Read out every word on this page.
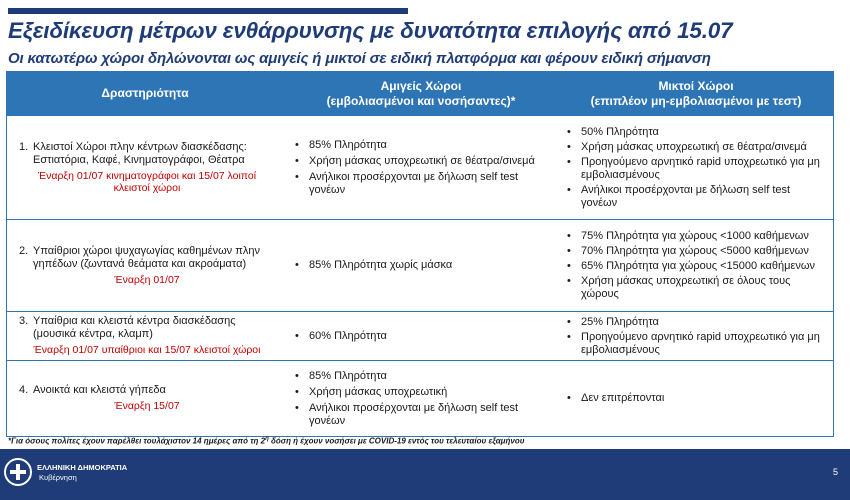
Εξειδίκευση μέτρων ενθάρρυνσης με δυνατότητα επιλογής από 15.07
Οι κατωτέρω χώροι δηλώνονται ως αμιγείς ή μικτοί σε ειδική πλατφόρμα και φέρουν ειδική σήμανση
Δραστηριότητα
Αμιγείς Χώροι
(εμβολιασμένοι και νοσήσαντες)*
Μικτοί Χώροι
(επιπλέον μη-εμβολιασμένοι με τεστ)
1. Κλειστοί Χώροι πλην κέντρων διασκέδασης: Εστιατόρια, Καφέ, Κινηματογράφοι, Θέατρα
Έναρξη 01/07 κινηματογράφοι και 15/07 λοιποί κλειστοί χώροι
• 85% Πληρότητα
• Χρήση μάσκας υποχρεωτική σε θέατρα/σινεμά
• Ανήλικοι προσέρχονται με δήλωση self test γονέων
• 50% Πληρότητα
• Χρήση μάσκας υποχρεωτική σε θέατρα/σινεμά
• Προηγούμενο αρνητικό rapid υποχρεωτικό για μη εμβολιασμένους
• Ανήλικοι προσέρχονται με δήλωση self test γονέων
2. Υπαίθριοι χώροι ψυχαγωγίας καθημένων πλην γηπέδων (ζωντανά θεάματα και ακροάματα)
Έναρξη 01/07
• 85% Πληρότητα χωρίς μάσκα
• 75% Πληρότητα για χώρους <1000 καθήμενων
• 70% Πληρότητα για χώρους <5000 καθήμενων
• 65% Πληρότητα για χώρους <15000 καθήμενων
• Χρήση μάσκας υποχρεωτική σε όλους τους χώρους
3. Υπαίθρια και κλειστά κέντρα διασκέδασης (μουσικά κέντρα, κλαμπ)
Έναρξη 01/07 υπαίθριοι και 15/07 κλειστοί χώροι
• 60% Πληρότητα
• 25% Πληρότητα
• Προηγούμενο αρνητικό rapid υποχρεωτικό για μη εμβολιασμένους
4. Ανοικτά και κλειστά γήπεδα
Έναρξη 15/07
• 85% Πληρότητα
• Χρήση μάσκας υποχρεωτική
• Ανήλικοι προσέρχονται με δήλωση self test γονέων
• Δεν επιτρέπονται
*Για όσους πολίτες έχουν παρέλθει τουλάχιστον 14 ημέρες από τη $2^\eta$ δόση ή έχουν νοσήσει με COVID-19 εντός του τελευταίου εξαμήνου
ΕΛΛΗΝΙΚΗ ΔΗΜΟΚΡΑΤΙΑ
Κυβέρνηση
5
